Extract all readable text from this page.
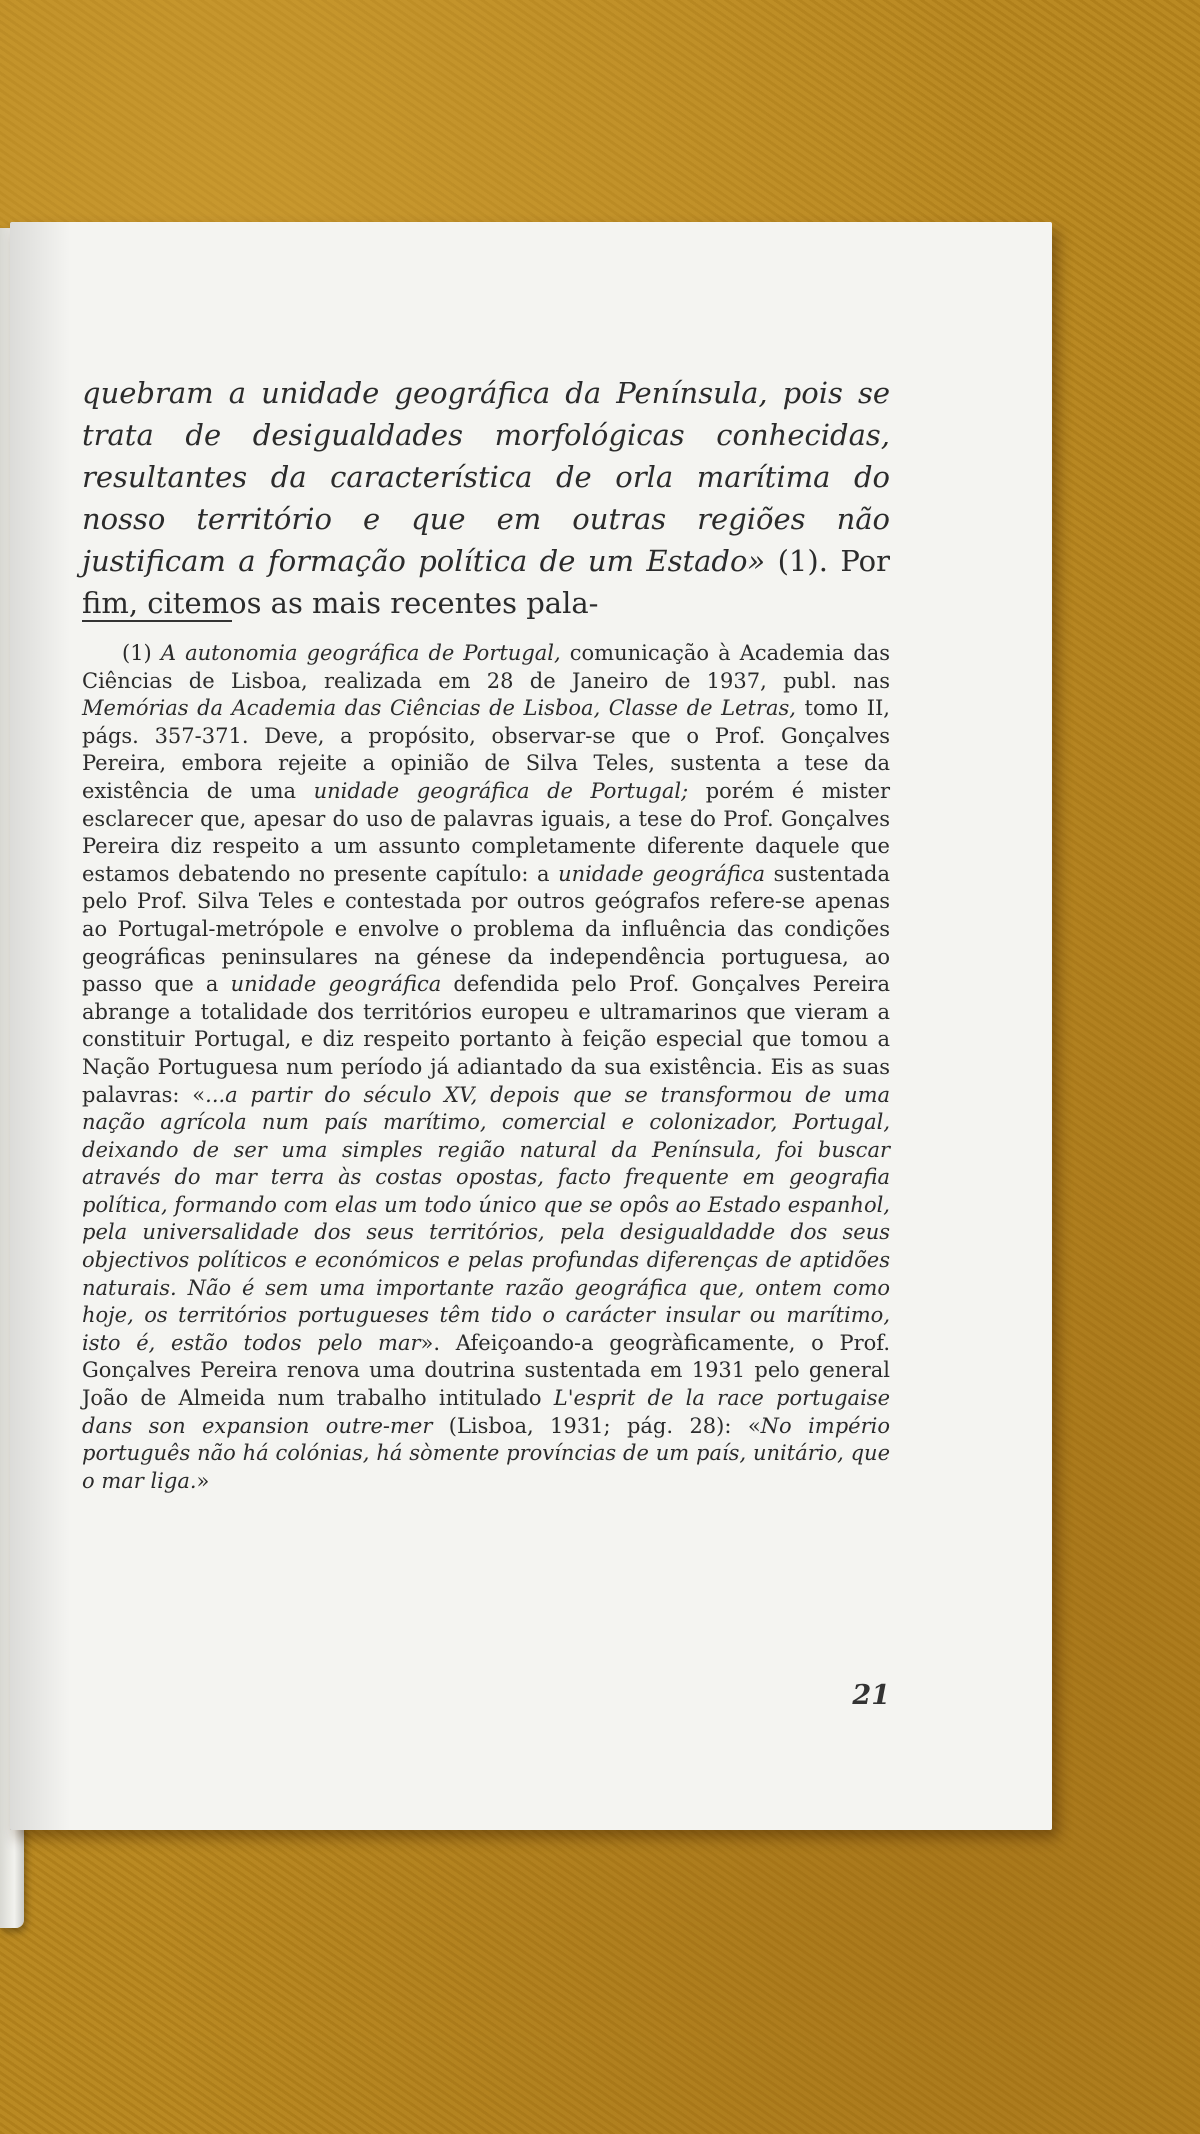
quebram a unidade geográfica da Península, pois se trata de desigualdades morfológicas conhecidas, resultantes da característica de orla marítima do nosso território e que em outras regiões não justificam a formação política de um Estado» (1). Por fim, citemos as mais recentes pala-
(1) A autonomia geográfica de Portugal, comunicação à Academia das Ciências de Lisboa, realizada em 28 de Janeiro de 1937, publ. nas Memórias da Academia das Ciências de Lisboa, Classe de Letras, tomo II, págs. 357-371. Deve, a propósito, observar-se que o Prof. Gonçalves Pereira, embora rejeite a opinião de Silva Teles, sustenta a tese da existência de uma unidade geográfica de Portugal; porém é mister esclarecer que, apesar do uso de palavras iguais, a tese do Prof. Gonçalves Pereira diz respeito a um assunto completamente diferente daquele que estamos debatendo no presente capítulo: a unidade geográfica sustentada pelo Prof. Silva Teles e contestada por outros geógrafos refere-se apenas ao Portugal-metrópole e envolve o problema da influência das condições geográficas peninsulares na génese da independência portuguesa, ao passo que a unidade geográfica defendida pelo Prof. Gonçalves Pereira abrange a totalidade dos territórios europeu e ultramarinos que vieram a constituir Portugal, e diz respeito portanto à feição especial que tomou a Nação Portuguesa num período já adiantado da sua existência. Eis as suas palavras: «...a partir do século XV, depois que se transformou de uma nação agrícola num país marítimo, comercial e colonizador, Portugal, deixando de ser uma simples região natural da Península, foi buscar através do mar terra às costas opostas, facto frequente em geografia política, formando com elas um todo único que se opôs ao Estado espanhol, pela universalidade dos seus territórios, pela desigualdadde dos seus objectivos políticos e económicos e pelas profundas diferenças de aptidões naturais. Não é sem uma importante razão geográfica que, ontem como hoje, os territórios portugueses têm tido o carácter insular ou marítimo, isto é, estão todos pelo mar». Afeiçoando-a geogràficamente, o Prof. Gonçalves Pereira renova uma doutrina sustentada em 1931 pelo general João de Almeida num trabalho intitulado L'esprit de la race portugaise dans son expansion outre-mer (Lisboa, 1931; pág. 28): «No império português não há colónias, há sòmente províncias de um país, unitário, que o mar liga.»
21
